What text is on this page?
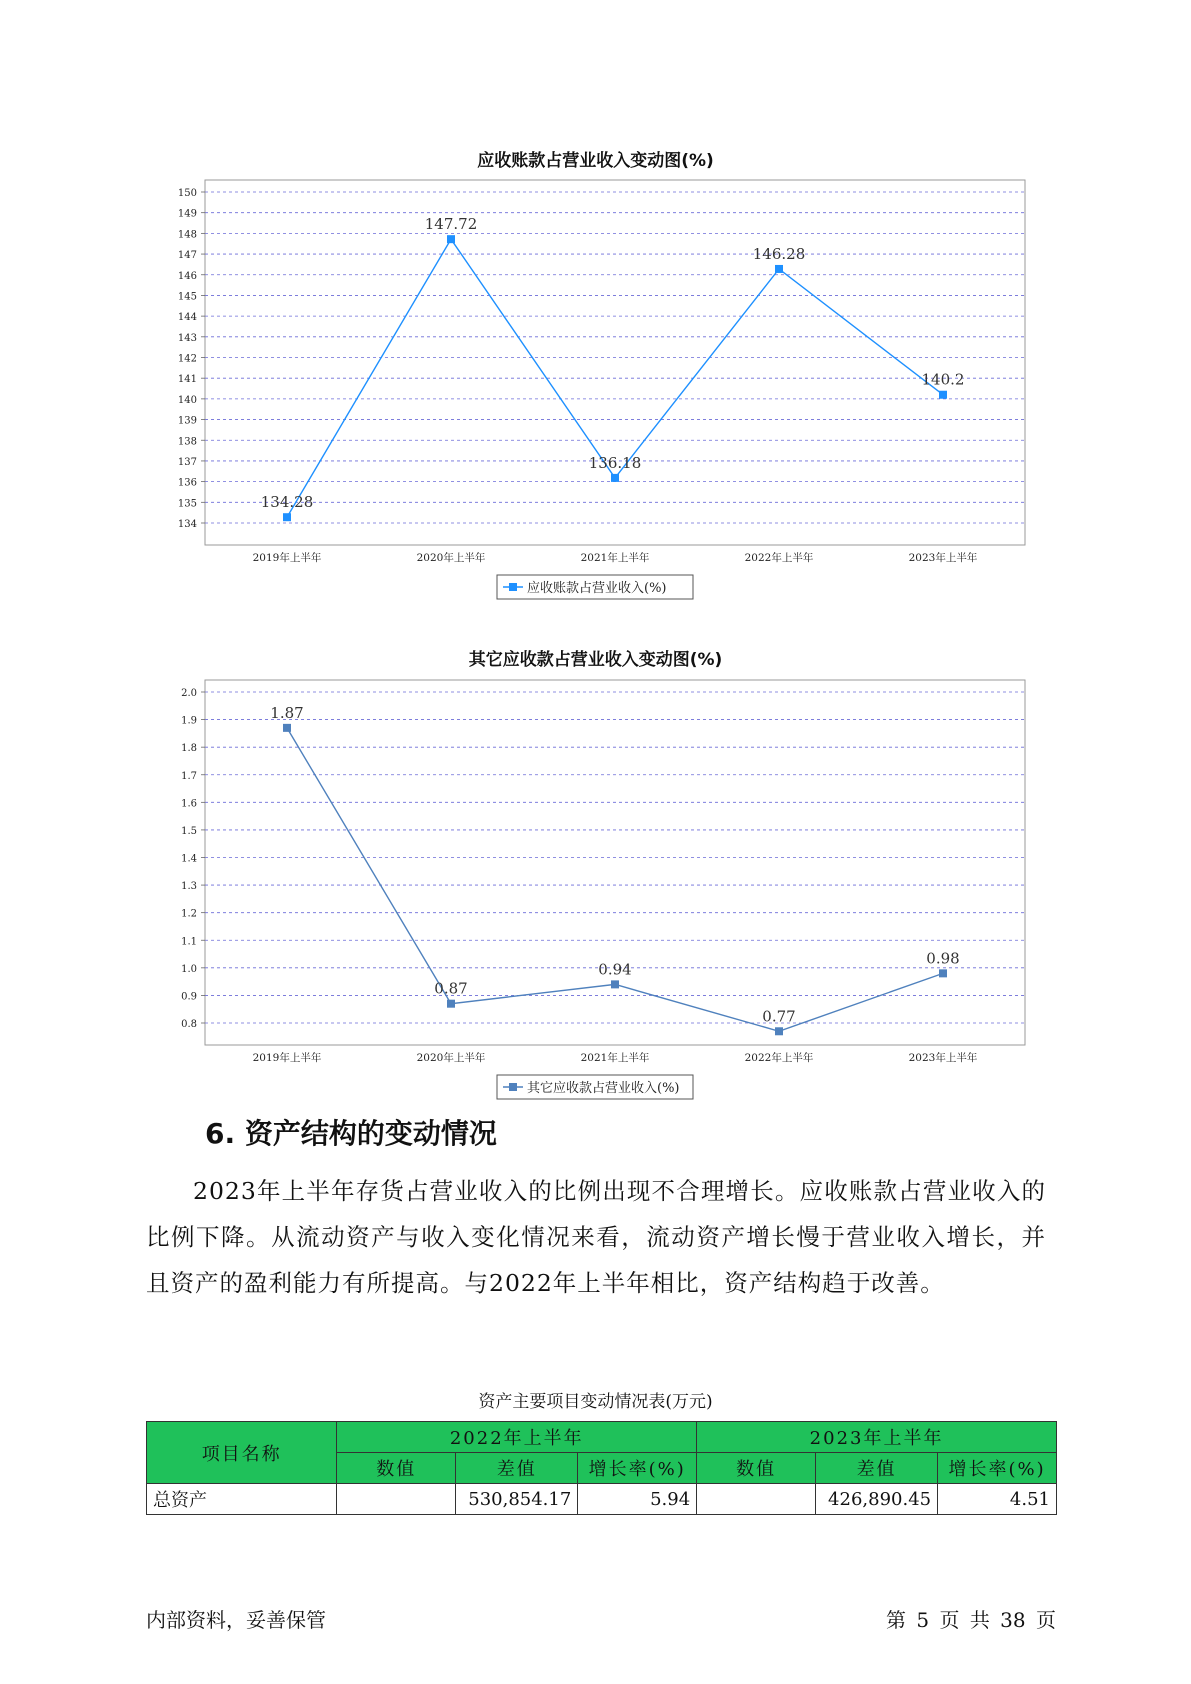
应收账款占营业收入变动图(%)
134
135
136
137
138
139
140
141
142
143
144
145
146
147
148
149
150
2019年上半年	2020年上半年	2021年上半年	2022年上半年	2023年上半年
134.28
147.72
136.18
146.28
140.2
应收账款占营业收入(%)
其它应收款占营业收入变动图(%)
0.8
0.9
1.0
1.1
1.2
1.3
1.4
1.5
1.6
1.7
1.8
1.9
2.0
2019年上半年	2020年上半年	2021年上半年	2022年上半年	2023年上半年
1.87
0.87
0.94
0.77
0.98
其它应收款占营业收入(%)
6. 资产结构的变动情况
2023年上半年存货占营业收入的比例出现不合理增长。应收账款占营业收入的比例下降。从流动资产与收入变化情况来看，流动资产增长慢于营业收入增长，并且资产的盈利能力有所提高。与2022年上半年相比，资产结构趋于改善。
资产主要项目变动情况表(万元)
项目名称	2022年上半年			2023年上半年		
	数值	差值	增长率(%)	数值	差值	增长率(%)
总资产		530,854.17	5.94		426,890.45	4.51
内部资料，妥善保管	第 5 页 共 38 页
